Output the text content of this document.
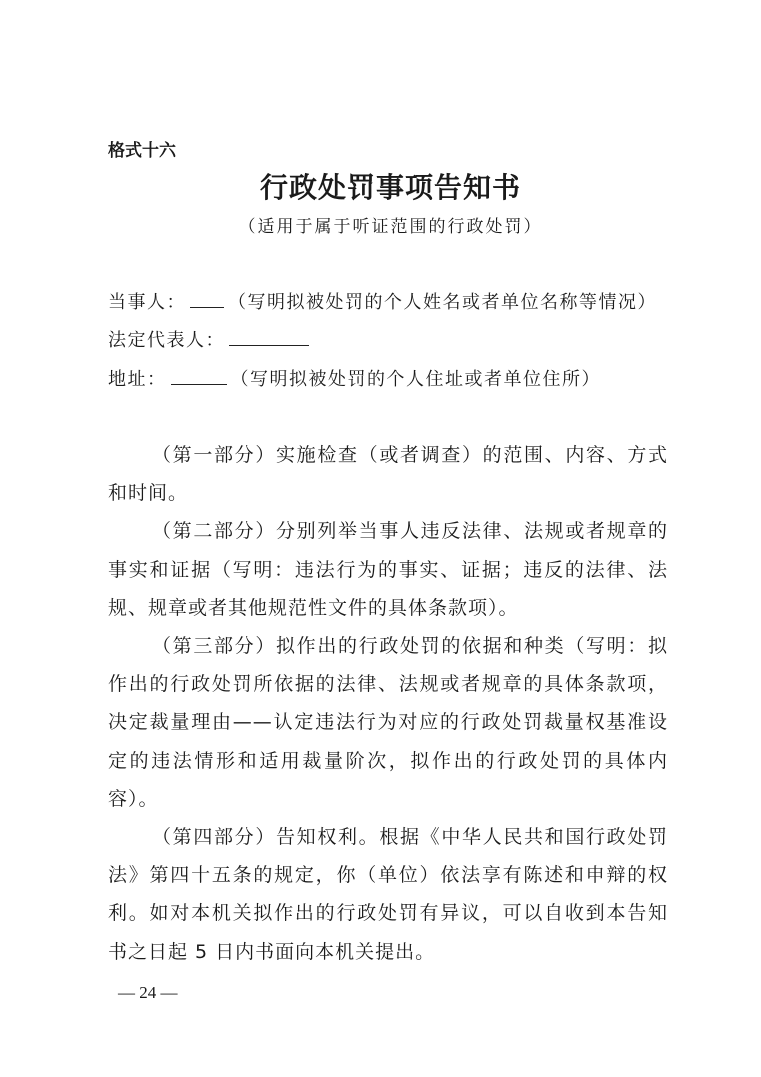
格式十六
行政处罚事项告知书
（适用于属于听证范围的行政处罚）
当事人： （写明拟被处罚的个人姓名或者单位名称等情况）
法定代表人：
地址：	（写明拟被处罚的个人住址或者单位住所）
（第一部分）实施检查（或者调查）的范围、内容、方式
和时间。
（第二部分）分别列举当事人违反法律、法规或者规章的
事实和证据（写明：违法行为的事实、证据；违反的法律、法
规、规章或者其他规范性文件的具体条款项）。
（第三部分）拟作出的行政处罚的依据和种类（写明：拟
作出的行政处罚所依据的法律、法规或者规章的具体条款项，
决定裁量理由——认定违法行为对应的行政处罚裁量权基准设
定的违法情形和适用裁量阶次，拟作出的行政处罚的具体内
容）。
（第四部分）告知权利。根据《中华人民共和国行政处罚
法》第四十五条的规定，你（单位）依法享有陈述和申辩的权
利。如对本机关拟作出的行政处罚有异议，可以自收到本告知
书之日起 5 日内书面向本机关提出。
— 24 —
